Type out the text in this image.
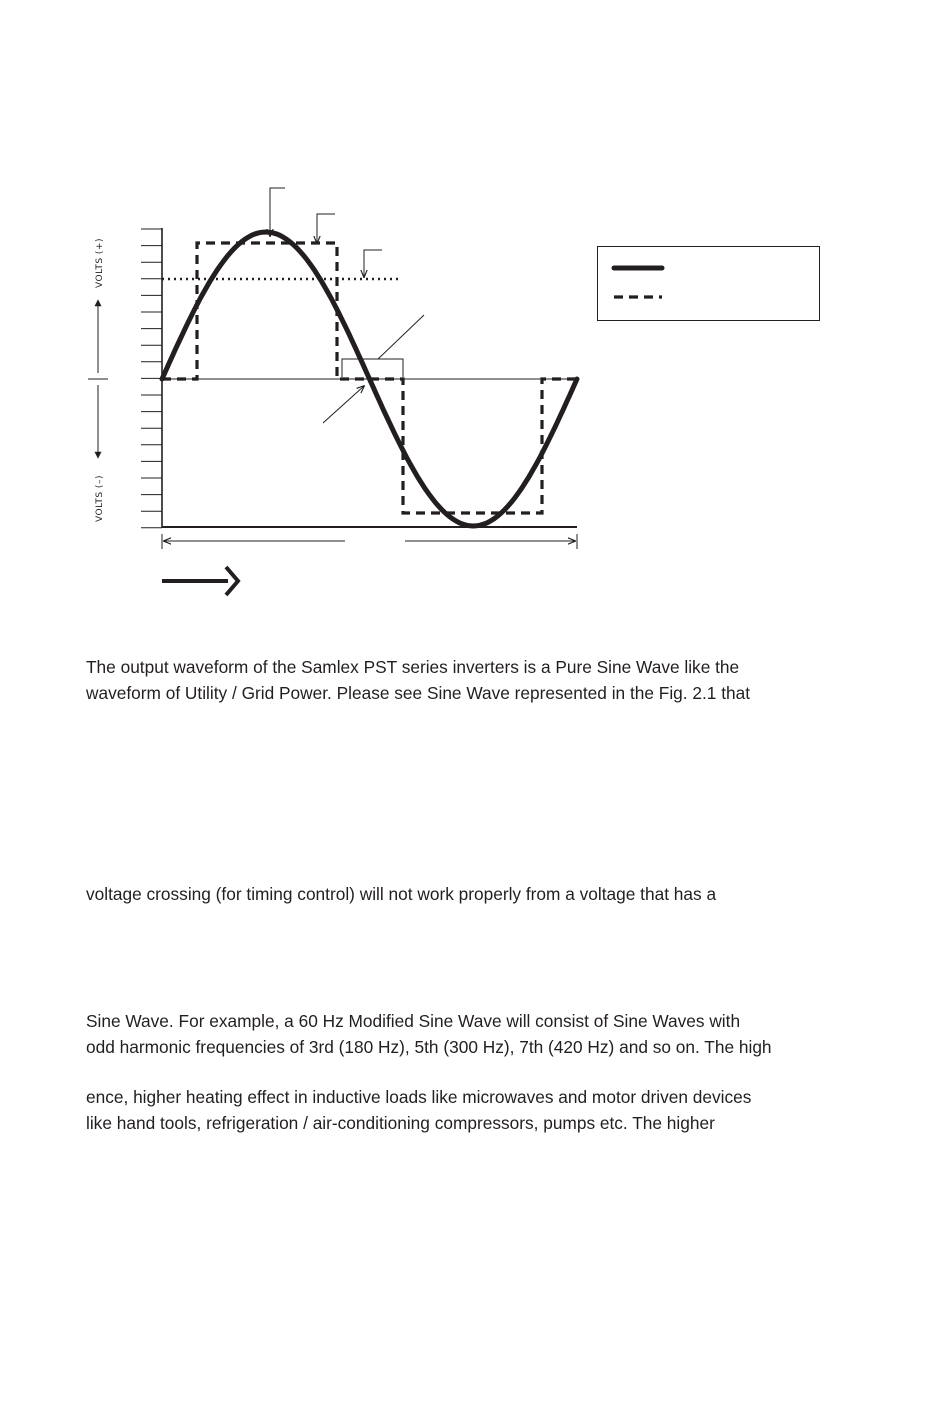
VOLTS (+)
VOLTS (–)

The output waveform of the Samlex PST series inverters is a Pure Sine Wave like the

waveform of Utility / Grid Power. Please see Sine Wave represented in the Fig. 2.1 that

voltage crossing (for timing control) will not work properly from a voltage that has a

Sine Wave. For example, a 60 Hz Modified Sine Wave will consist of Sine Waves with

odd harmonic frequencies of 3rd (180 Hz), 5th (300 Hz), 7th (420 Hz) and so on. The high

ence, higher heating effect in inductive loads like microwaves and motor driven devices

like hand tools, refrigeration / air-conditioning compressors, pumps etc. The higher
